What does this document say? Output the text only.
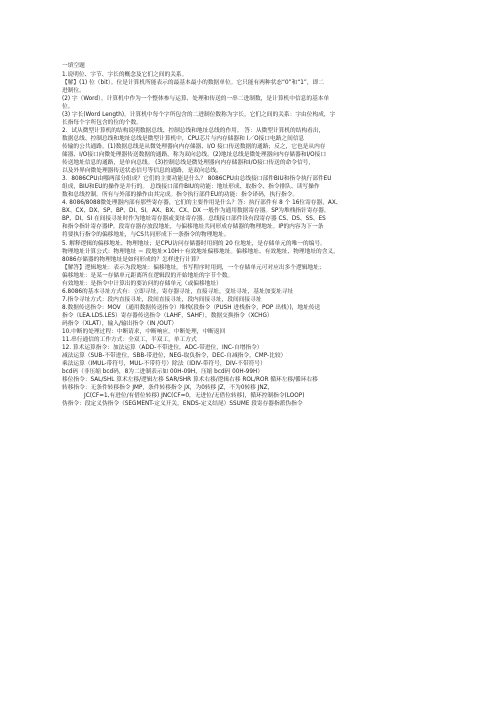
一填空题
1.说明位、字节、字长的概念及它们之间的关系。
【解】(1) 位（bit）。位是计算机所能表示的最基本最小的数据单位。它只能有两种状态“0”和“1”，即二
进制位。
(2) 字（Word）。计算机中作为一个整体参与运算、处理和传送的一串二进制数，是计算机中信息的基本单
位。
(3) 字长(Word Length)。计算机中每个字所包含的二进制位数称为字长。它们之间的关系：字由位构成，字
长指每个字所包含的位的个数。
2．试从微型计算机的结构说明数据总线、控制总线和地址总线的作用。 答：从微型计算机的结构看出，
数据总线、控制总线和地址总线是微型计算机中，CPU芯片与内存储器和 I／O接口电路之间信息
传输的公共通路。(1)数据总线是从微处理器向内存储器、I/O 接口传送数据的通路；反之，它也是从内存
储器、I/O接口向微处理器传送数据的通路，称为双向总线。(2)地址总线是微处理器向内存储器和I/O接口
传送地址信息的通路，是单向总线。 (3)控制总线是微处理器向内存储器和I/O接口传送的命令信号，
以及外界向微处理器传送状态信号等信息的通路，是双向总线。
3．8086CPU由哪两部分组成？它们的主要功能是什么？ 8086CPU由总线接口部件BIU和指令执行部件EU
组成，BIU和EU的操作是并行的。 总线接口部件BIU的功能：地址形成、取指令、指令排队、读写操作
数和总线控制。所有与外部的操作由其完成。指令执行部件EU的功能：指令译码，执行指令。
4. 8086/8088微处理器内部有那些寄存器，它们的主要作用是什么？答：执行部件有 8 个 16位寄存器，AX、
BX、CX、DX、SP、BP、DI、SI。AX、BX、CX、DX 一般作为通用数据寄存器。SP为堆栈指针寄存器，
BP、DI、SI 在间接寻址时作为地址寄存器或变址寄存器。总线接口部件设有段寄存器 CS、DS、SS、ES
和指令指针寄存器IP。段寄存器存放段地址，与偏移地址共同形成存储器的物理地址。IP的内容为下一条
将要执行指令的偏移地址，与CS共同形成下一条指令的物理地址。
5. 解释逻辑的偏移地址、物理地址；是CPU访问存储器时用到的 20 位地址，是存储单元的唯一的编号。
物理地址计算公式：物理地址 ＝ 段地址×10H＋有效地址偏移地址。偏移地址、有效地址、物理地址的含义，
8086存储器的物理地址是如何形成的？怎样进行计算？
【解答】逻辑地址：表示为段地址：偏移地址，书写程序时用到，一个存储单元可对应出多个逻辑地址；
偏移地址：是某一存储单元距离所在逻辑段的开始地址的字节个数。
有效地址：是指令中计算出的要访问的存储单元（或偏移地址）
6.8086的基本寻址方式有：立即寻址，寄存器寻址，直接寻址，变址寻址，基址加变址寻址
7.指令寻址方式：段内直接寻址，段间直接寻址，段内间接寻址，段间间接寻址
8.数据传送指令：MOV （通用数据传送指令）堆栈(段指令（PUSH 进栈指令，POP 出栈）)，地址传送
指令（LEA.LDS.LES）寄存器传送指令（LAHF，SAHF），数据交换指令（XCHG）
码指令（XLAT），输入/输出指令（IN /OUT）
10.中断的处理过程：中断请求，中断响应，中断处理，中断返回
11.串行通信的工作方式：全双工，半双工，单工方式
12. 算术运算指令：加法运算（ADD-不带进位，ADC-带进位，INC-自增指令）
减法运算（SUB-不带进位，SBB-带进位，NEG-取负指令，DEC-自减指令，CMP-比较）
乘法运算（IMUL-带符号，MUL-不带符号）除法（IDIV-带符号，DIV-不带符号）
bcd码（非压缩 bcd码，8为二进制表示如 00H-09H，压缩 bcd码 00H-99H）
移位指令：SAL/SHL 算术左移/逻辑左移 SAR/SHR 算术右移/逻辑右移 ROL/ROR 循环左移/循环右移
转移指令：无条件转移指令 JMP，条件转移指令 JX，为0转移 JZ，不为0转移 JNZ，
JC(CF=1,有进位/有借位转移) JNC(CF=0，无进位/无借位转移)，循环控制指令(LOOP)
伪指令：段定义伪指令（SEGMENT-定义开关，ENDS-定义结尾）SSUME 段寄存器指派伪指令
